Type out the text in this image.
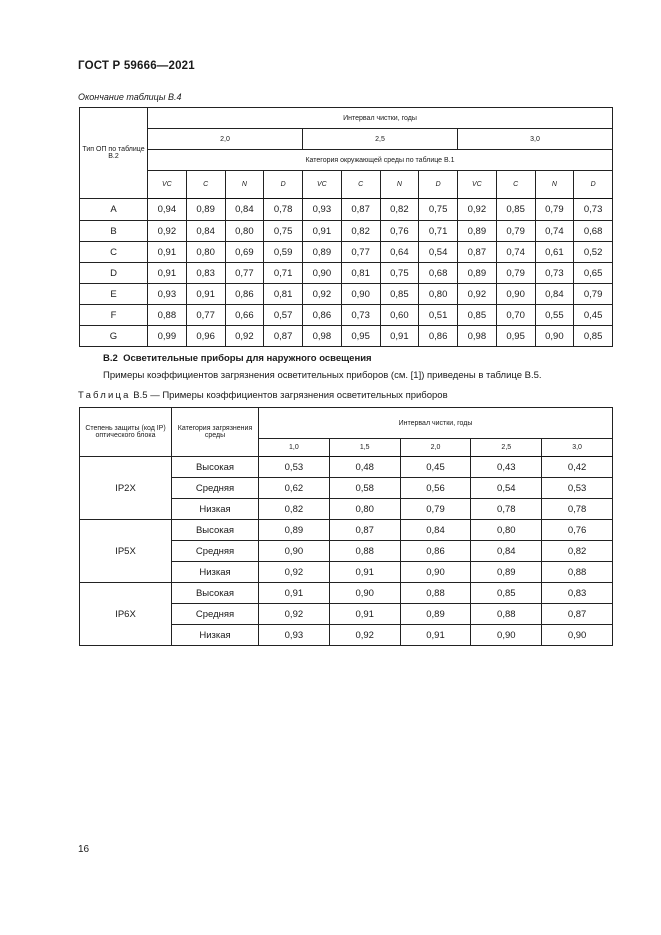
ГОСТ Р 59666—2021
Окончание таблицы В.4
Тип ОП по таблице В.2	Интервал чистки, годы											
	2,0				2,5				3,0			
	Категория окружающей среды по таблице В.1											
	VC	C	N	D	VC	C	N	D	VC	C	N	D
A	0,94	0,89	0,84	0,78	0,93	0,87	0,82	0,75	0,92	0,85	0,79	0,73
B	0,92	0,84	0,80	0,75	0,91	0,82	0,76	0,71	0,89	0,79	0,74	0,68
C	0,91	0,80	0,69	0,59	0,89	0,77	0,64	0,54	0,87	0,74	0,61	0,52
D	0,91	0,83	0,77	0,71	0,90	0,81	0,75	0,68	0,89	0,79	0,73	0,65
E	0,93	0,91	0,86	0,81	0,92	0,90	0,85	0,80	0,92	0,90	0,84	0,79
F	0,88	0,77	0,66	0,57	0,86	0,73	0,60	0,51	0,85	0,70	0,55	0,45
G	0,99	0,96	0,92	0,87	0,98	0,95	0,91	0,86	0,98	0,95	0,90	0,85
В.2 Осветительные приборы для наружного освещения
Примеры коэффициентов загрязнения осветительных приборов (см. [1]) приведены в таблице В.5.
Таблица В.5 — Примеры коэффициентов загрязнения осветительных приборов
Степень защиты (код IP) оптического блока	Категория загрязнения среды	Интервал чистки, годы				
		1,0	1,5	2,0	2,5	3,0
IP2X	Высокая	0,53	0,48	0,45	0,43	0,42
	Средняя	0,62	0,58	0,56	0,54	0,53
	Низкая	0,82	0,80	0,79	0,78	0,78
IP5X	Высокая	0,89	0,87	0,84	0,80	0,76
	Средняя	0,90	0,88	0,86	0,84	0,82
	Низкая	0,92	0,91	0,90	0,89	0,88
IP6X	Высокая	0,91	0,90	0,88	0,85	0,83
	Средняя	0,92	0,91	0,89	0,88	0,87
	Низкая	0,93	0,92	0,91	0,90	0,90
16
